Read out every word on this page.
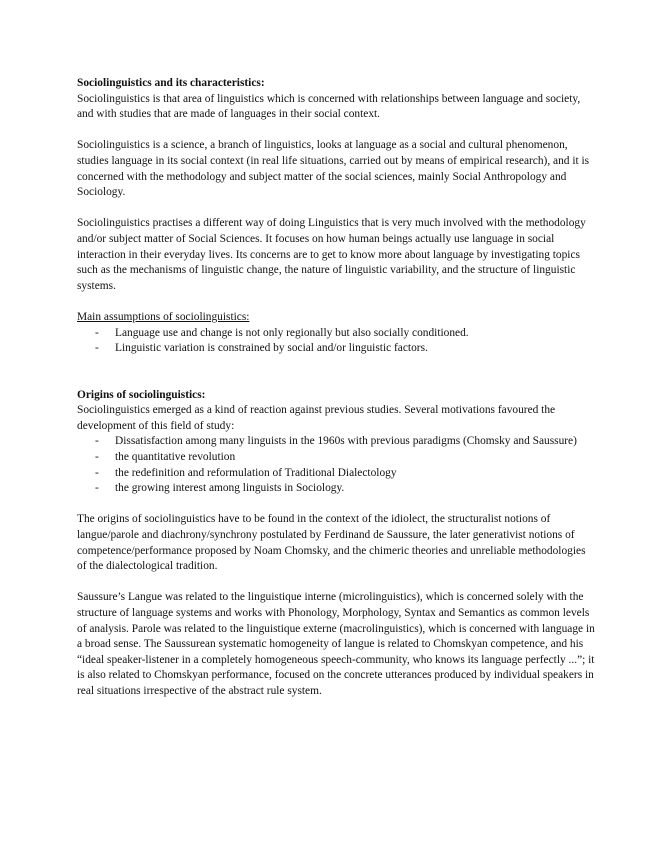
Sociolinguistics and its characteristics:

Sociolinguistics is that area of linguistics which is concerned with relationships between language and society, and with studies that are made of languages in their social context.

Sociolinguistics is a science, a branch of linguistics, looks at language as a social and cultural phenomenon, studies language in its social context (in real life situations, carried out by means of empirical research), and it is concerned with the methodology and subject matter of the social sciences, mainly Social Anthropology and Sociology.

Sociolinguistics practises a different way of doing Linguistics that is very much involved with the methodology and/or subject matter of Social Sciences. It focuses on how human beings actually use language in social interaction in their everyday lives. Its concerns are to get to know more about language by investigating topics such as the mechanisms of linguistic change, the nature of linguistic variability, and the structure of linguistic systems.

Main assumptions of sociolinguistics:

- Language use and change is not only regionally but also socially conditioned.
- Linguistic variation is constrained by social and/or linguistic factors.

Origins of sociolinguistics:

Sociolinguistics emerged as a kind of reaction against previous studies. Several motivations favoured the development of this field of study:

- Dissatisfaction among many linguists in the 1960s with previous paradigms (Chomsky and Saussure)
- the quantitative revolution
- the redefinition and reformulation of Traditional Dialectology
- the growing interest among linguists in Sociology.

The origins of sociolinguistics have to be found in the context of the idiolect, the structuralist notions of langue/parole and diachrony/synchrony postulated by Ferdinand de Saussure, the later generativist notions of competence/performance proposed by Noam Chomsky, and the chimeric theories and unreliable methodologies of the dialectological tradition.

Saussure’s Langue was related to the linguistique interne (microlinguistics), which is concerned solely with the structure of language systems and works with Phonology, Morphology, Syntax and Semantics as common levels of analysis. Parole was related to the linguistique externe (macrolinguistics), which is concerned with language in a broad sense. The Saussurean systematic homogeneity of langue is related to Chomskyan competence, and his “ideal speaker-listener in a completely homogeneous speech-community, who knows its language perfectly ...”; it is also related to Chomskyan performance, focused on the concrete utterances produced by individual speakers in real situations irrespective of the abstract rule system.
